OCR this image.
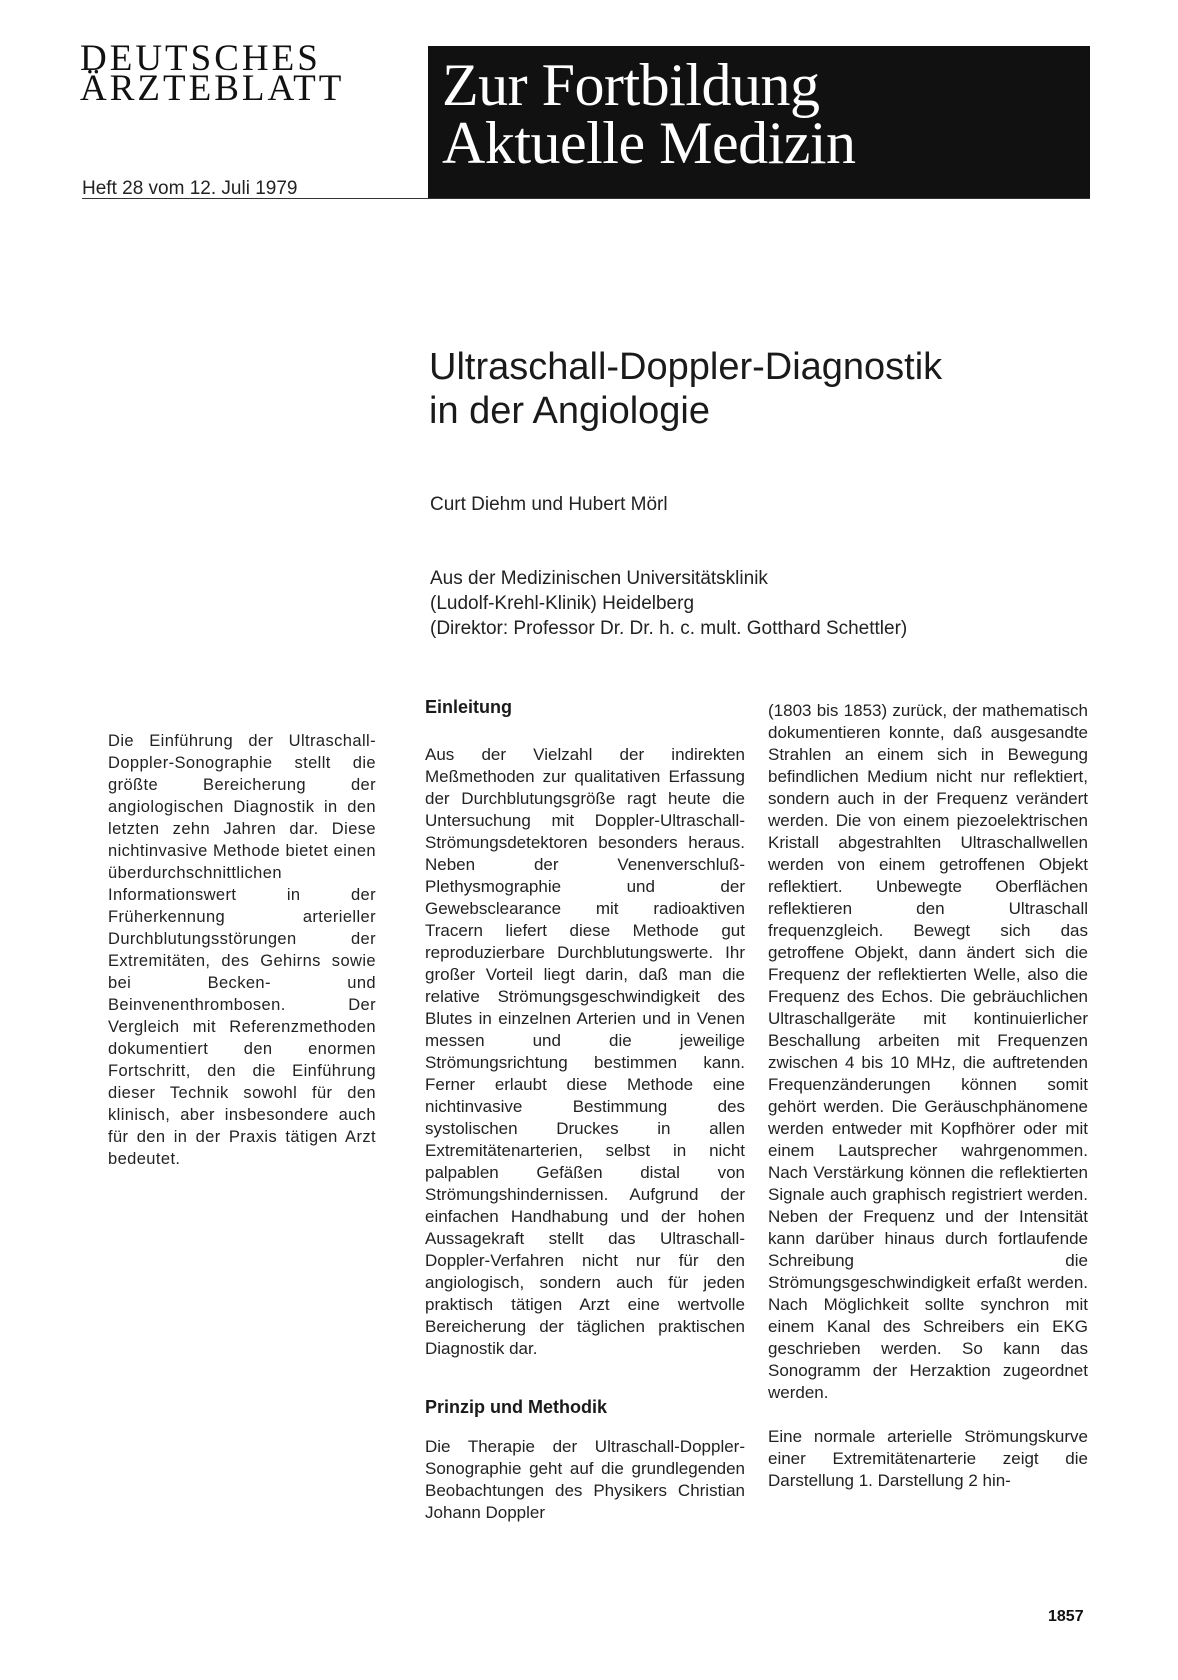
DEUTSCHES
ÄRZTEBLATT
Heft 28 vom 12. Juli 1979
Zur Fortbildung
Aktuelle Medizin
Ultraschall-Doppler-Diagnostik
in der Angiologie
Curt Diehm und Hubert Mörl
Aus der Medizinischen Universitätsklinik
(Ludolf-Krehl-Klinik) Heidelberg
(Direktor: Professor Dr. Dr. h. c. mult. Gotthard Schettler)
Die Einführung der Ultraschall-Doppler-Sonographie stellt die größte Bereicherung der angiologischen Diagnostik in den letzten zehn Jahren dar. Diese nichtinvasive Methode bietet einen überdurchschnittlichen Informationswert in der Früherkennung arterieller Durchblutungsstörungen der Extremitäten, des Gehirns sowie bei Becken- und Beinvenenthrombosen. Der Vergleich mit Referenzmethoden dokumentiert den enormen Fortschritt, den die Einführung dieser Technik sowohl für den klinisch, aber insbesondere auch für den in der Praxis tätigen Arzt bedeutet.
Einleitung

Aus der Vielzahl der indirekten Meßmethoden zur qualitativen Erfassung der Durchblutungsgröße ragt heute die Untersuchung mit Doppler-Ultraschall-Strömungsdetektoren besonders heraus. Neben der Venenverschluß-Plethysmographie und der Gewebsclearance mit radioaktiven Tracern liefert diese Methode gut reproduzierbare Durchblutungswerte. Ihr großer Vorteil liegt darin, daß man die relative Strömungsgeschwindigkeit des Blutes in einzelnen Arterien und in Venen messen und die jeweilige Strömungsrichtung bestimmen kann. Ferner erlaubt diese Methode eine nichtinvasive Bestimmung des systolischen Druckes in allen Extremitätenarterien, selbst in nicht palpablen Gefäßen distal von Strömungshindernissen. Aufgrund der einfachen Handhabung und der hohen Aussagekraft stellt das Ultraschall-Doppler-Verfahren nicht nur für den angiologisch, sondern auch für jeden praktisch tätigen Arzt eine wertvolle Bereicherung der täglichen praktischen Diagnostik dar.

Prinzip und Methodik

Die Therapie der Ultraschall-Doppler-Sonographie geht auf die grundlegenden Beobachtungen des Physikers Christian Johann Doppler

(1803 bis 1853) zurück, der mathematisch dokumentieren konnte, daß ausgesandte Strahlen an einem sich in Bewegung befindlichen Medium nicht nur reflektiert, sondern auch in der Frequenz verändert werden. Die von einem piezoelektrischen Kristall abgestrahlten Ultraschallwellen werden von einem getroffenen Objekt reflektiert. Unbewegte Oberflächen reflektieren den Ultraschall frequenzgleich. Bewegt sich das getroffene Objekt, dann ändert sich die Frequenz der reflektierten Welle, also die Frequenz des Echos. Die gebräuchlichen Ultraschallgeräte mit kontinuierlicher Beschallung arbeiten mit Frequenzen zwischen 4 bis 10 MHz, die auftretenden Frequenzänderungen können somit gehört werden. Die Geräuschphänomene werden entweder mit Kopfhörer oder mit einem Lautsprecher wahrgenommen. Nach Verstärkung können die reflektierten Signale auch graphisch registriert werden. Neben der Frequenz und der Intensität kann darüber hinaus durch fortlaufende Schreibung die Strömungsgeschwindigkeit erfaßt werden. Nach Möglichkeit sollte synchron mit einem Kanal des Schreibers ein EKG geschrieben werden. So kann das Sonogramm der Herzaktion zugeordnet werden.

Eine normale arterielle Strömungskurve einer Extremitätenarterie zeigt die Darstellung 1. Darstellung 2 hin-

1857
